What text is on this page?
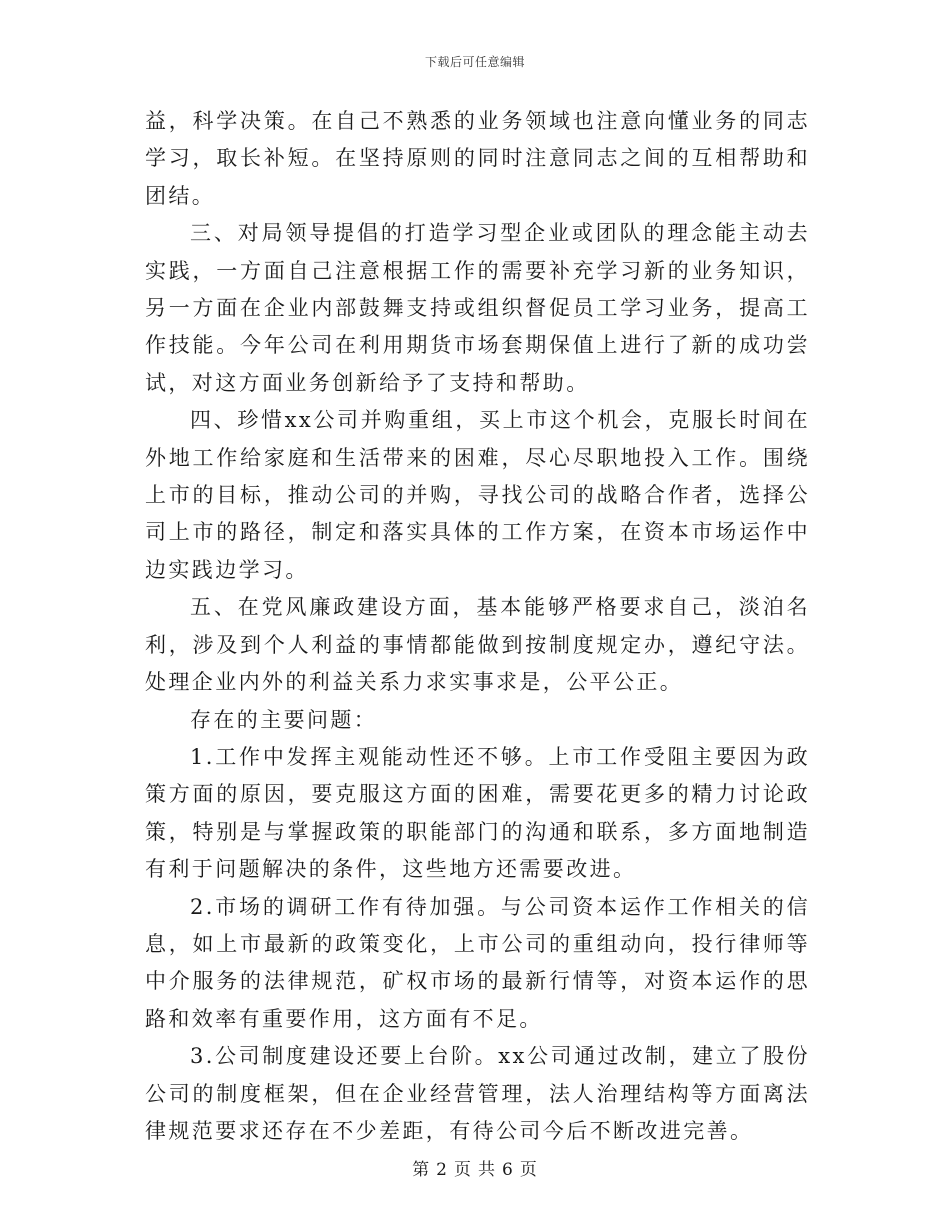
下载后可任意编辑

益，科学决策。在自己不熟悉的业务领域也注意向懂业务的同志学习，取长补短。在坚持原则的同时注意同志之间的互相帮助和团结。

三、对局领导提倡的打造学习型企业或团队的理念能主动去实践，一方面自己注意根据工作的需要补充学习新的业务知识，另一方面在企业内部鼓舞支持或组织督促员工学习业务，提高工作技能。今年公司在利用期货市场套期保值上进行了新的成功尝试，对这方面业务创新给予了支持和帮助。

四、珍惜xx公司并购重组，买上市这个机会，克服长时间在外地工作给家庭和生活带来的困难，尽心尽职地投入工作。围绕上市的目标，推动公司的并购，寻找公司的战略合作者，选择公司上市的路径，制定和落实具体的工作方案，在资本市场运作中边实践边学习。

五、在党风廉政建设方面，基本能够严格要求自己，淡泊名利，涉及到个人利益的事情都能做到按制度规定办，遵纪守法。处理企业内外的利益关系力求实事求是，公平公正。

存在的主要问题：

1.工作中发挥主观能动性还不够。上市工作受阻主要因为政策方面的原因，要克服这方面的困难，需要花更多的精力讨论政策，特别是与掌握政策的职能部门的沟通和联系，多方面地制造有利于问题解决的条件，这些地方还需要改进。

2.市场的调研工作有待加强。与公司资本运作工作相关的信息，如上市最新的政策变化，上市公司的重组动向，投行律师等中介服务的法律规范，矿权市场的最新行情等，对资本运作的思路和效率有重要作用，这方面有不足。

3.公司制度建设还要上台阶。xx公司通过改制，建立了股份公司的制度框架，但在企业经营管理，法人治理结构等方面离法律规范要求还存在不少差距，有待公司今后不断改进完善。

第 2 页 共 6 页
